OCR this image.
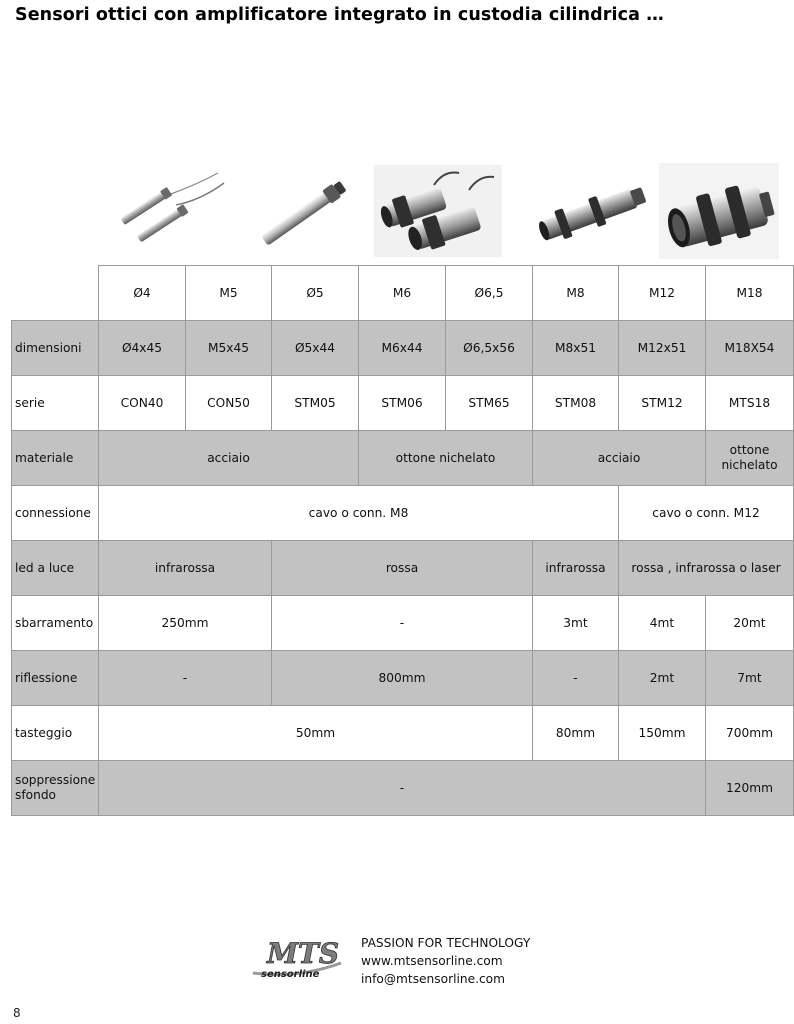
Sensori ottici con amplificatore integrato in custodia cilindrica …
	Ø4	M5	Ø5	M6	Ø6,5	M8	M12	M18
dimensioni	Ø4x45	M5x45	Ø5x44	M6x44	Ø6,5x56	M8x51	M12x51	M18X54
serie	CON40	CON50	STM05	STM06	STM65	STM08	STM12	MTS18
materiale	acciaio			ottone nichelato		acciaio		ottone nichelato
connessione	cavo o conn. M8						cavo o conn. M12	
led a luce	infrarossa		rossa			infrarossa	rossa , infrarossa o laser	
sbarramento	250mm		-			3mt	4mt	20mt
riflessione	-		800mm			-	2mt	7mt
tasteggio	50mm					80mm	150mm	700mm
soppressione sfondo	-							120mm
MTS
sensorline
PASSION FOR TECHNOLOGY
www.mtsensorline.com
info@mtsensorline.com
8
